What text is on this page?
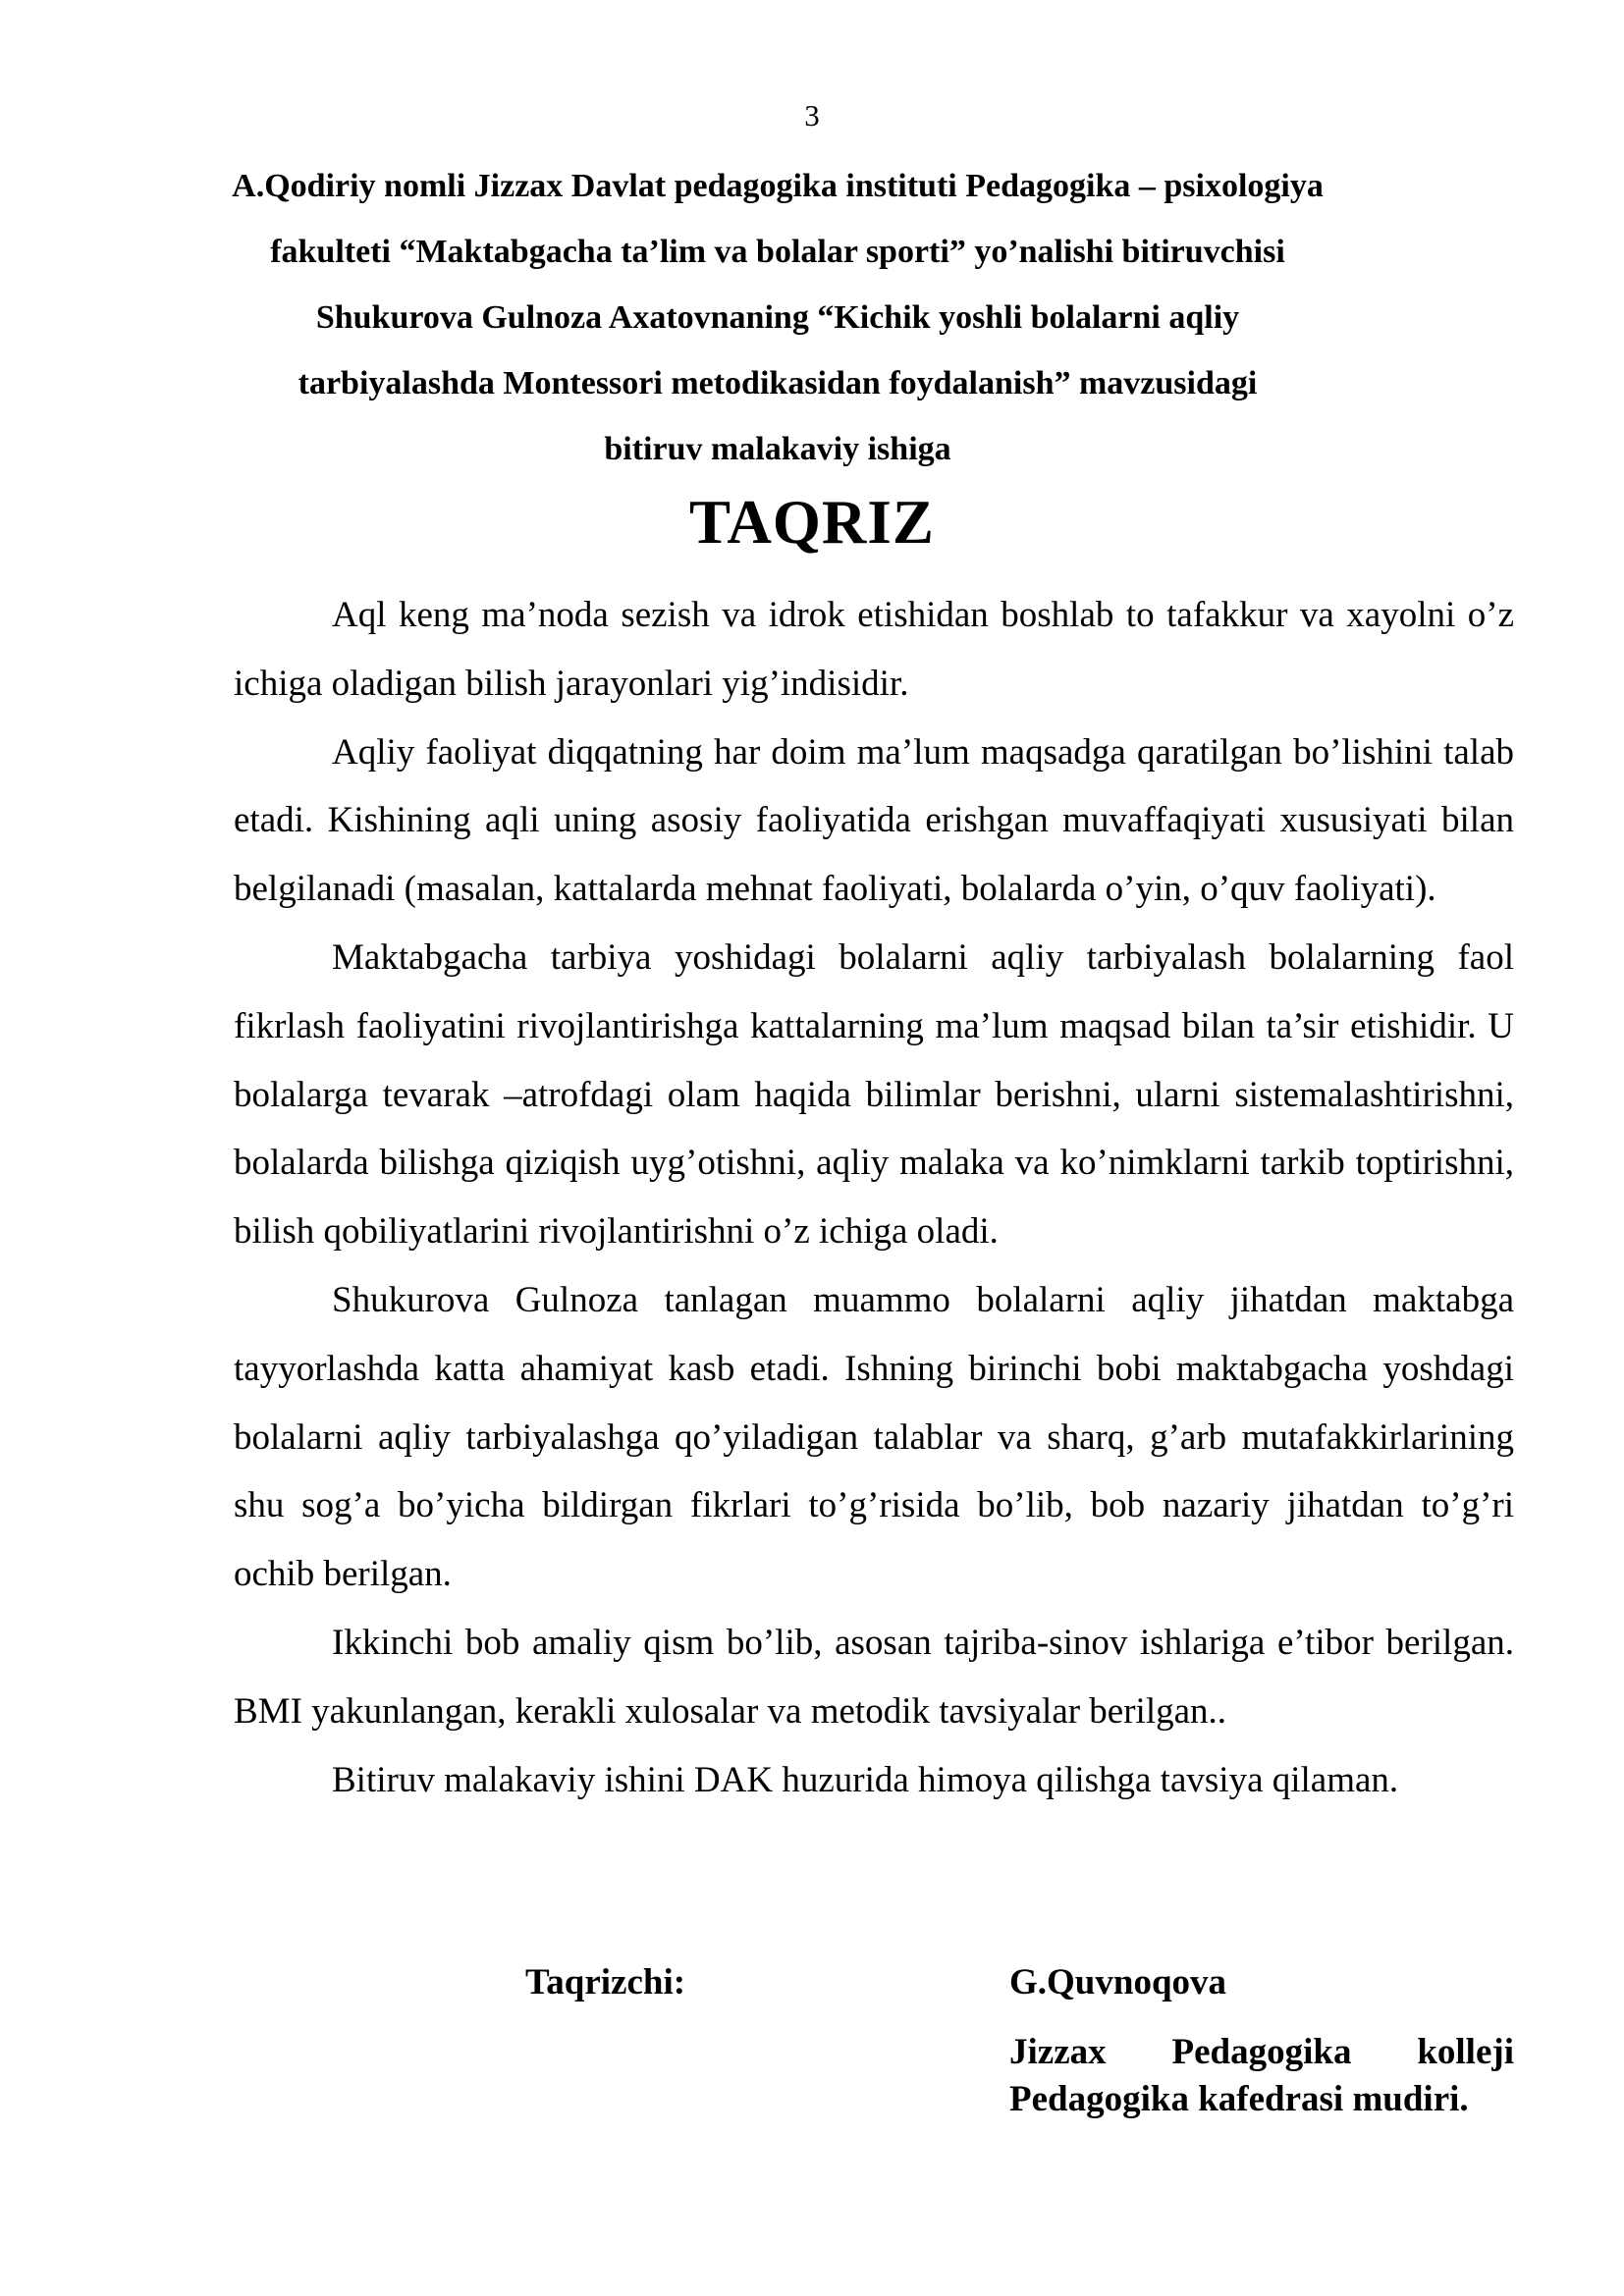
3
A.Qodiriy nomli Jizzax Davlat pedagogika instituti Pedagogika – psixologiya
fakulteti “Maktabgacha ta’lim va bolalar sporti” yo’nalishi bitiruvchisi
Shukurova Gulnoza Axatovnaning “Kichik yoshli bolalarni aqliy
tarbiyalashda Montessori metodikasidan foydalanish” mavzusidagi
bitiruv malakaviy ishiga
TAQRIZ

Aql keng ma’noda sezish va idrok etishidan boshlab to tafakkur va xayolni o’z ichiga oladigan bilish jarayonlari yig’indisidir.

Aqliy faoliyat diqqatning har doim ma’lum maqsadga qaratilgan bo’lishini talab etadi. Kishining aqli uning asosiy faoliyatida erishgan muvaffaqiyati xususiyati bilan belgilanadi (masalan, kattalarda mehnat faoliyati, bolalarda o’yin, o’quv faoliyati).

Maktabgacha tarbiya yoshidagi bolalarni aqliy tarbiyalash bolalarning faol fikrlash faoliyatini rivojlantirishga kattalarning ma’lum maqsad bilan ta’sir etishidir. U bolalarga tevarak –atrofdagi olam haqida bilimlar berishni, ularni sistemalashtirishni, bolalarda bilishga qiziqish uyg’otishni, aqliy malaka va ko’nimklarni tarkib toptirishni, bilish qobiliyatlarini rivojlantirishni o’z ichiga oladi.

Shukurova Gulnoza tanlagan muammo bolalarni aqliy jihatdan maktabga tayyorlashda katta ahamiyat kasb etadi. Ishning birinchi bobi maktabgacha yoshdagi bolalarni aqliy tarbiyalashga qo’yiladigan talablar va sharq, g’arb mutafakkirlarining shu sog’a bo’yicha bildirgan fikrlari to’g’risida bo’lib, bob nazariy jihatdan to’g’ri ochib berilgan.

Ikkinchi bob amaliy qism bo’lib, asosan tajriba-sinov ishlariga e’tibor berilgan. BMI yakunlangan, kerakli xulosalar va metodik tavsiyalar berilgan..

Bitiruv malakaviy ishini DAK huzurida himoya qilishga tavsiya qilaman.

Taqrizchi:	G.Quvnoqova
Jizzax Pedagogika kolleji
Pedagogika kafedrasi mudiri.
